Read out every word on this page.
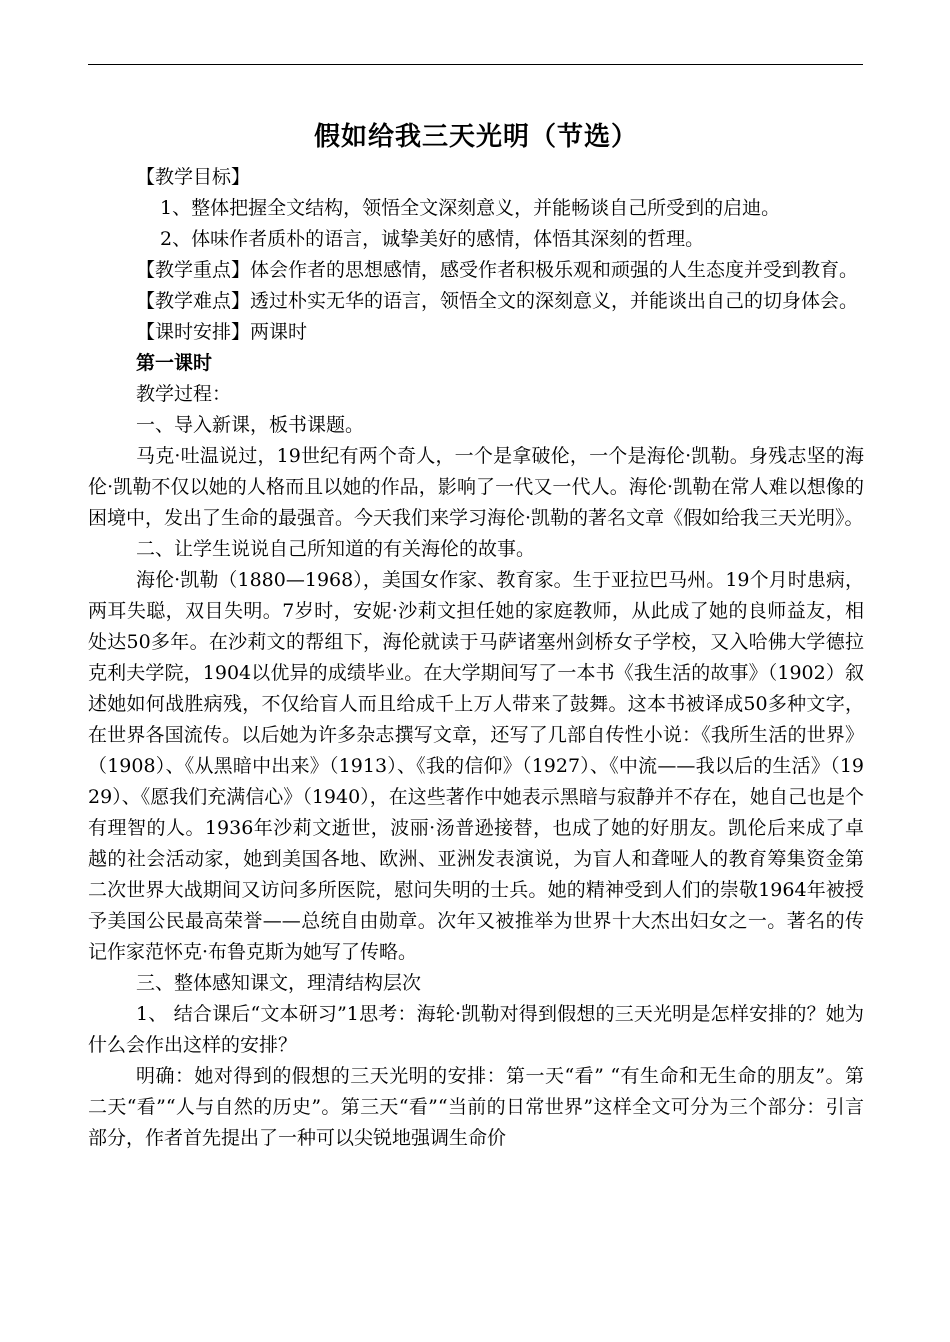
假如给我三天光明（节选）

【教学目标】

1、整体把握全文结构，领悟全文深刻意义，并能畅谈自己所受到的启迪。

2、体味作者质朴的语言，诚挚美好的感情，体悟其深刻的哲理。

【教学重点】体会作者的思想感情，感受作者积极乐观和顽强的人生态度并受到教育。

【教学难点】透过朴实无华的语言，领悟全文的深刻意义，并能谈出自己的切身体会。

【课时安排】两课时

第一课时

教学过程：

一、导入新课，板书课题。

马克·吐温说过，19世纪有两个奇人，一个是拿破伦，一个是海伦·凯勒。身残志坚的海伦·凯勒不仅以她的人格而且以她的作品，影响了一代又一代人。海伦·凯勒在常人难以想像的困境中，发出了生命的最强音。今天我们来学习海伦·凯勒的著名文章《假如给我三天光明》。

二、让学生说说自己所知道的有关海伦的故事。

海伦·凯勒（1880—1968），美国女作家、教育家。生于亚拉巴马州。19个月时患病，两耳失聪，双目失明。7岁时，安妮·沙莉文担任她的家庭教师，从此成了她的良师益友，相处达50多年。在沙莉文的帮组下，海伦就读于马萨诸塞州剑桥女子学校，又入哈佛大学德拉克利夫学院，1904以优异的成绩毕业。在大学期间写了一本书《我生活的故事》（1902）叙述她如何战胜病残，不仅给盲人而且给成千上万人带来了鼓舞。这本书被译成50多种文字，在世界各国流传。以后她为许多杂志撰写文章，还写了几部自传性小说：《我所生活的世界》（1908）、《从黑暗中出来》（1913）、《我的信仰》（1927）、《中流——我以后的生活》（1929）、《愿我们充满信心》（1940），在这些著作中她表示黑暗与寂静并不存在，她自己也是个有理智的人。1936年沙莉文逝世，波丽·汤普逊接替，也成了她的好朋友。凯伦后来成了卓越的社会活动家，她到美国各地、欧洲、亚洲发表演说，为盲人和聋哑人的教育筹集资金第二次世界大战期间又访问多所医院，慰问失明的士兵。她的精神受到人们的崇敬1964年被授予美国公民最高荣誉——总统自由勋章。次年又被推举为世界十大杰出妇女之一。著名的传记作家范怀克·布鲁克斯为她写了传略。

三、整体感知课文，理清结构层次

1、 结合课后“文本研习”1思考：海轮·凯勒对得到假想的三天光明是怎样安排的？她为什么会作出这样的安排？

明确：她对得到的假想的三天光明的安排：第一天“看” “有生命和无生命的朋友”。第二天“看”“人与自然的历史”。第三天“看”“当前的日常世界”这样全文可分为三个部分：引言部分，作者首先提出了一种可以尖锐地强调生命价
